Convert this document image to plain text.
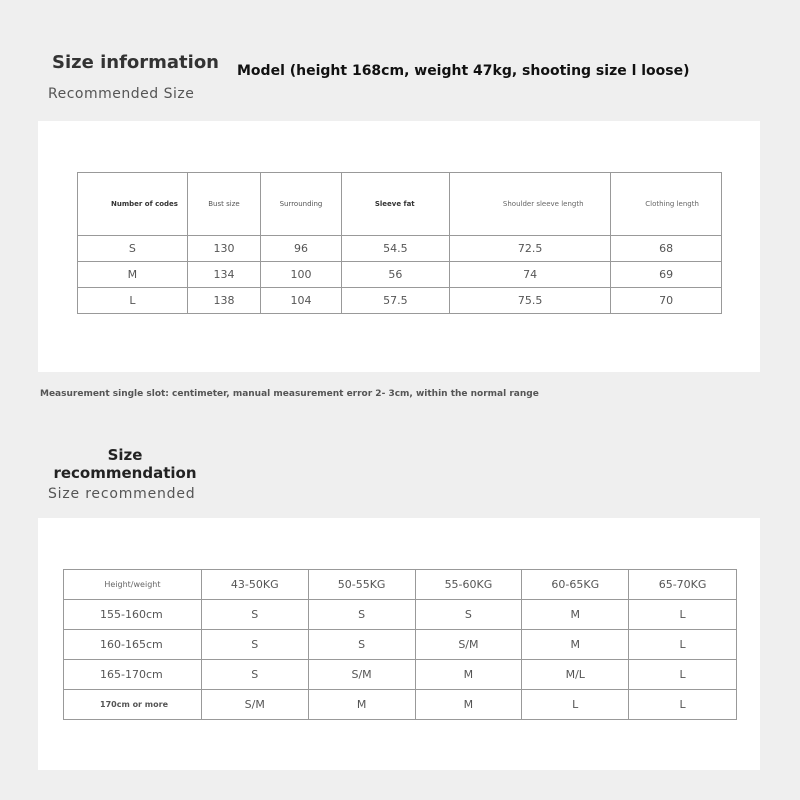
Size information
Recommended Size
Model (height 168cm, weight 47kg, shooting size l loose)
Number of codes	Bust size	Surrounding	Sleeve fat	Shoulder sleeve length	Clothing length
S	130	96	54.5	72.5	68
M	134	100	56	74	69
L	138	104	57.5	75.5	70
Measurement single slot: centimeter, manual measurement error 2- 3cm, within the normal range
Size recommendation
Size recommended
Height/weight	43-50KG	50-55KG	55-60KG	60-65KG	65-70KG
155-160cm	S	S	S	M	L
160-165cm	S	S	S/M	M	L
165-170cm	S	S/M	M	M/L	L
170cm or more	S/M	M	M	L	L
